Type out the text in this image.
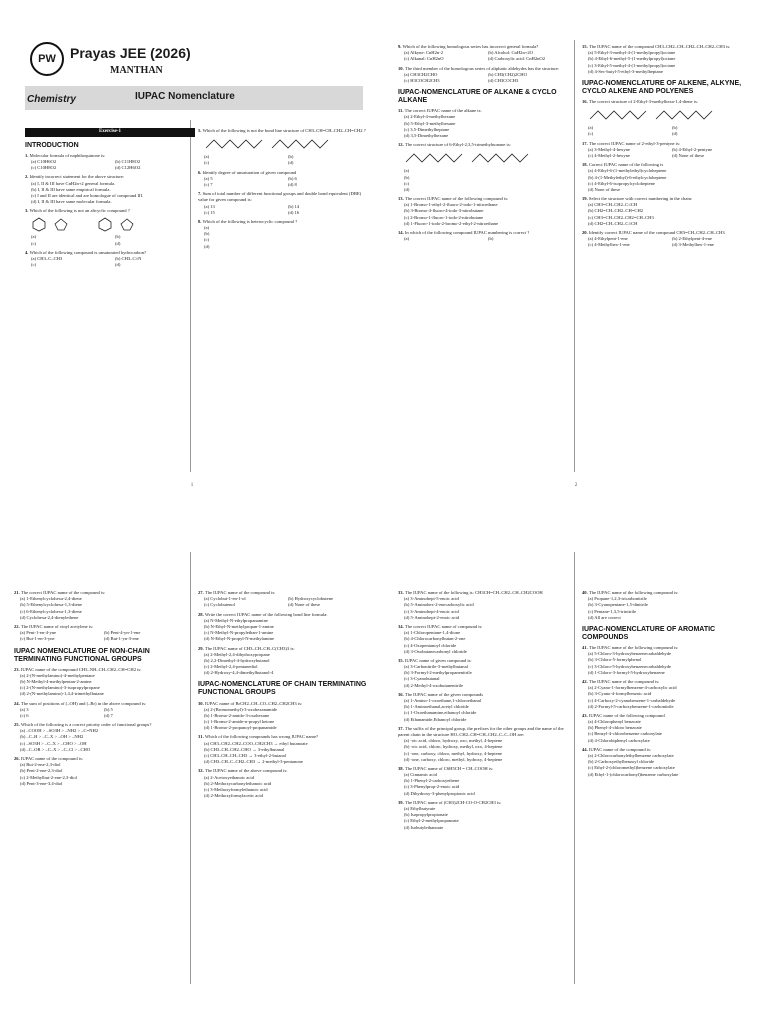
PW Prayas JEE (2026)
MANTHAN
Chemistry	IUPAC Nomenclature
Exercise-1
INTRODUCTION
1. Molecular formula of naphthoquinone is:
(a) C10H6O2	(b) C11H8O2
(c) C10H8O2	(d) C12H6O2
2. Identify incorrect statement for the above structure:
(a) I, II & III have CnH2n+2 general formula.
(b) I, II & III have same empirical formula.
(c) I and II are identical and are homologue of compound III.
(d) I, II & III have same molecular formula.
3. Which of the following is not an alicyclic compound ?
(a)	(b)
(c)	(d)
4. Which of the following compound is unsaturated hydrocarbon?
(a) CH3–C–CH3	(b) CH3–C≡N
(c)	(d)
5. Which of the following is not the bond line structure of CH3–CH=CH–CH2–CH=CH2 ?
(a)	(b)
(c)	(d)
6. Identify degree of unsaturation of given compound
(a) 5	(b) 6
(c) 7	(d) 8
7. Sum of total number of different functional groups and double bond equivalent (DBE) value for given compound is:
(a) 13	(b) 14
(c) 15	(d) 16
8. Which of the following is heterocyclic compound ?
(a)
(b)
(c)
(d)
1
9. Which of the following homologous series has incorrect general formula?
(a) Alkyne: CnH2n-2	(b) Alcohol: CnH2n+2O
(c) Alkanal: CnH2nO	(d) Carboxylic acid: CnH2nO2
10. The third member of the homologous series of aliphatic aldehydes has the structure:
(a) CH3CH2CHO	(b) CH3(CH2)2CHO
(c) H3COCH2CH3	(d) CH3COCH3
IUPAC-NOMENCLATURE OF ALKANE & CYCLO ALKANE
11. The correct IUPAC name of the alkane is:
(a) 2-Ethyl-4-methylhexane
(b) 5-Ethyl-3-methylhexane
(c) 3,5-Dimethylheptane
(d) 3,5-Dimethylhexane
12. The correct structure of 6-Ethyl-2,3,5-trimethylnonane is:
(a)
(b)
(c)
(d)
13. The correct IUPAC name of the following compound is:
(a) 1-Bromo-1-ethyl-2-fluoro-2-iodo-1-nitroethane
(b) 3-Bromo-4-fluoro-4-iodo-3-nitrobutane
(c) 2-Bromo-1-fluoro-1-iodo-2-nitrobutane
(d) 1-Fluoro-1-iodo-2-bromo-2-ethyl-2-nitroethane
14. In which of the following compound IUPAC numbering is correct ?
(a)	(b)
15. The IUPAC name of the compound CH3–CH2–CH–CH2–CH–CH2–CH3 is:
(a) 5-Ethyl-3-methyl-4-(1-methylpropyl)octane
(b) 4-Ethyl-6-methyl-5-(1-methylpropyl)octane
(c) 3-Ethyl-5-methyl-4-(1-methylpropyl)octane
(d) 4-Sec-butyl-5-ethyl-3-methylheptane
IUPAC-NOMENCLATURE OF ALKENE, ALKYNE, CYCLO ALKENE AND POLYENES
16. The correct structure of 2-Ethyl-3-methylhexa-1,4-diene is:
(a)	(b)
(c)	(d)
17. The correct IUPAC name of 2-ethyl-3-pentyne is:
(a) 3-Methyl-4-hexyne	(b) 4-Ethyl-2-pentyne
(c) 4-Methyl-2-hexyne	(d) None of these
18. Correct IUPAC name of the following is
(a) 4-Ethyl-6-(1-methylethyl)cycloheptene
(b) 4-(1-Methylethyl)-6-ethylcycloheptene
(c) 4-Ethyl-6-isopropylcycloheptene
(d) None of these
19. Select the structure with correct numbering in the chain:
(a) CH3=CH–CH2–C≡CH
(b) CH2=CH–CH2–CH=CH2
(c) CH3=CH–CH2–CH2=CH–CH3
(d) CH2=CH–CH2–C≡CH
20. Identify correct IUPAC name of the compound CH3=CH–CH2–CH–CH3
(a) 4-Ethylpent-1-ene	(b) 2-Ethylpent-4-ene
(c) 4-Methylhex-1-ene	(d) 3-Methylhex-1-ene
2
21. The correct IUPAC name of the compound is:
(a) 1-Ethenylcyclohexa-2,4-diene
(b) 5-Ethenylcyclohexa-1,3-diene
(c) 6-Ethenylcyclohexa-1,3-diene
(d) Cyclohexa-2,4-dienylethene
22. The IUPAC name of vinyl acetylene is:
(a) Pent-1-en-4-yne	(b) Pent-4-yn-1-ene
(c) But-1-en-3-yne	(d) But-1-yn-3-ene
IUPAC NOMENCLATURE OF NON-CHAIN TERMINATING FUNCTIONAL GROUPS
23. IUPAC name of the compound CH3–NH–CH–CH2–CH=CH2 is:
(a) 2-(N-methylamino)-4-methylpentane
(b) N-Methyl-4-methylpentan-2-amine
(c) 2-(N-methylamino)-3-isopropylpropane
(d) 2-(N-methylamino)-1,4,4-trimethylbutane
24. The sum of positions of (–OH) and (–Br) in the above compound is:
(a) 3	(b) 5
(c) 6	(d) 7
25. Which of the following is a correct priority order of functional groups?
(a) –COOH > –SO3H > –NH2 > –C=NH2
(b) –C–H > –C–X > –OH > –NH2
(c) –SO3H > –C–X > –CHO > –OH
(d) –C–OR > –C–X > –C–Cl > –CHO
26. IUPAC name of the compound is:
(a) But-2-ene-2,3-diol
(b) Pent-2-ene-2,3-diol
(c) 2-Methylbut-2-ene-2,3-diol
(d) Pent-3-ene-3,4-diol
27. The IUPAC name of the compound is:
(a) Cyclobut-1-en-1-ol	(b) Hydroxycyclobutene
(c) Cyclobutenol	(d) None of these
28. Write the correct IUPAC name of the following bond line formula:
(a) N-Methyl-N-ethylpropanamine
(b) N-Ethyl-N-methylpropan-1-amine
(c) N-Methyl-N-propylethan-1-amine
(d) N-Ethyl-N-propyl-N-methylamine
29. The IUPAC name of CH3–CH–CH–C(CH3)3 is:
(a) 2-Methyl-2,4-dihydroxypropane
(b) 2,2-Dimethyl-4-hydroxybutanol
(c) 2-Methyl-2,4-pentanediol
(d) 2-Hydroxy-4,4-dimethylbutanol-4
IUPAC-NOMENCLATURE OF CHAIN TERMINATING FUNCTIONAL GROUPS
30. IUPAC name of BrCH2–CH–CO–CH2–CH2CH3 is:
(a) 2-(Bromomethyl)-3-oxohexanamide
(b) 1-Bromo-2-amido-3-oxohexane
(c) 1-Bromo-2-amide-n-propyl ketone
(d) 1-Bromo-2-propanoyl-propanamide
31. Which of the following compounds has wrong IUPAC name?
(a) CH3–CH2–CH2–COO–CH2CH3 → ethyl butanoate
(b) CH3–CH–CH2–CHO → 3-ethylbutanal
(c) CH3–CH–CH–CH3 → 3-ethyl-2-butanol
(d) CH3–CH–C–CH2–CH3 → 2-methyl-3-pentanone
32. The IUPAC name of the above compound is:
(a) 2-Acetoxyethanoic acid
(b) 2-Methoxycarbonylethanoic acid
(c) 3-Methoxyformylethanoic acid
(d) 2-Methoxyformylacetic acid
33. The IUPAC name of the following is: CH3CH=CH–CH2–CH–CH2COOH
(a) 3-Aminohept-5-enoic acid
(b) 5-Aminohex-2-enecarboxylic acid
(c) 3-Aminohept-4-enoic acid
(d) 5-Aminohept-2-enoic acid
34. The correct IUPAC name of compound is:
(a) 1-Chloropentane-1,4-dione
(b) 4-Chlorocarbonylbutan-2-one
(c) 4-Oxopentanoyl chloride
(d) 3-Oxobutanecarbonyl chloride
35. IUPAC name of given compound is:
(a) 3-Carbonitrile-3-methylbutanal
(b) 3-Formyl-2-methylpropanenitrile
(c) 3-Cyanobutanal
(d) 2-Methyl-4-oxobutanenitrile
36. The IUPAC name of the given compounds
(a) 1-Amino-1-oxoethane,1-chloroethanal
(b) 1-Aminoethanal,acetyl chloride
(c) 1-Oxoethanamine,ethanoyl chloride
(d) Ethanamide,Ethanoyl chloride
37. The suffix of the principal group, the prefixes for the other groups and the name of the parent chain in the structure HO–CH2–CH=CH–CH2–C–C–OH are:
(a) -oic acid, chloro, hydroxy, oxo, methyl, 4-heptene
(b) -oic acid, chloro, hydroxy, methyl, oxo, 4-heptene
(c) -one, carboxy, chloro, methyl, hydroxy, 4-heptene
(d) -one, carboxy, chloro, methyl, hydroxy, 4-heptene
38. The IUPAC name of C6H5CH = CH–COOH is:
(a) Cinnamic acid
(b) 1-Phenyl-2-carboxyethene
(c) 3-Phenylprop-2-enoic acid
(d) Dihydroxy-3-phenylpropionic acid
39. The IUPAC name of (CH3)2CH-CO-O-CH2CH3 is:
(a) Ethylbutyrate
(b) Isopropylpropionate
(c) Ethyl-2-methylpropanoate
(d) Isobutylethanoate
40. The IUPAC name of the following compound is:
(a) Propane-1,2,3-tricarbonitrile
(b) 3-Cyanopentane-1,5-dinitrile
(c) Pentane-1,3,5-trinitrile
(d) All are correct
IUPAC-NOMENCLATURE OF AROMATIC COMPOUNDS
41. The IUPAC name of the following compound is:
(a) 5-Chloro-3-hydroxybenzenecarbaldehyde
(b) 3-Chloro-5-formylphenol
(c) 3-Chloro-5-hydroxybenzenecarbaldehyde
(d) 1-Chloro-3-formyl-5-hydroxybenzene
42. The IUPAC name of the compound is:
(a) 2-Cyano-1-formylbenzene-4-carboxylic acid
(b) 3-Cyano-4-formylbenzoic acid
(c) 4-Carboxy-2-cyanobenzene-1-carbaldehyde
(d) 2-Formyl-5-carboxybenzene-1-carbonitrile
43. IUPAC name of the following compound
(a) 4-Chlorophenyl benzoate
(b) Phenyl-4-chloro benzoate
(c) Benzyl-4-chlorobenzene carboxylate
(d) 4-Chlorobiphenyl carboxylate
44. IUPAC name of the compound is:
(a) 2-Chlorocarbonylethylbenzene carboxylate
(b) 2-Carboxyethylbenzoyl chloride
(c) Ethyl-2-(chloromethyl)benzene carboxylate
(d) Ethyl-1-(chlorocarbonyl)benzene carboxylate
